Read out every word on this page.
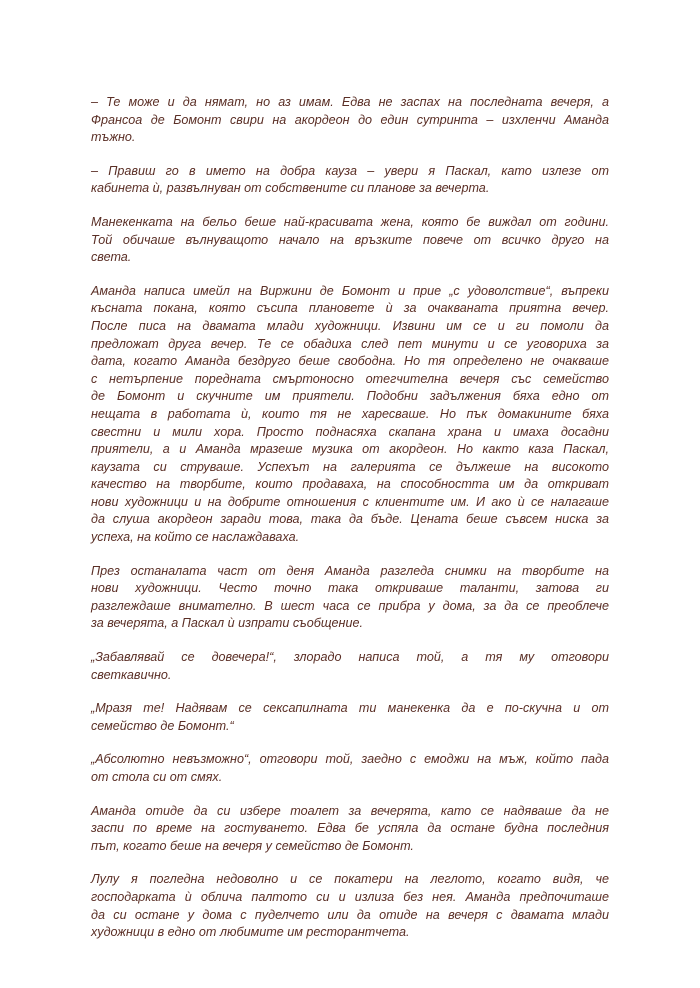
– Те може и да нямат, но аз имам. Едва не заспах на последната вечеря, а
Франсоа де Бомонт свири на акордеон до един сутринта – изхленчи Аманда
тъжно.

– Правиш го в името на добра кауза – увери я Паскал, като излезе от
кабинета ѝ, развълнуван от собствените си планове за вечерта.

Манекенката на бельо беше най-красивата жена, която бе виждал от години.
Той обичаше вълнуващото начало на връзките повече от всичко друго на
света.

Аманда написа имейл на Виржини де Бомонт и прие „с удоволствие“, въпреки
късната покана, която съсипа плановете ѝ за очакваната приятна вечер.
После писа на двамата млади художници. Извини им се и ги помоли да
предложат друга вечер. Те се обадиха след пет минути и се уговориха за
дата, когато Аманда бездруго беше свободна. Но тя определено не очакваше
с нетърпение поредната смъртоносно отегчителна вечеря със семейство
де Бомонт и скучните им приятели. Подобни задължения бяха едно от
нещата в работата ѝ, които тя не харесваше. Но пък домакините бяха
свестни и мили хора. Просто поднасяха скапана храна и имаха досадни
приятели, а и Аманда мразеше музика от акордеон. Но както каза Паскал,
каузата си струваше. Успехът на галерията се дължеше на високото
качество на творбите, които продаваха, на способността им да откриват
нови художници и на добрите отношения с клиентите им. И ако ѝ се налагаше
да слуша акордеон заради това, така да бъде. Цената беше съвсем ниска за
успеха, на който се наслаждаваха.

През останалата част от деня Аманда разгледа снимки на творбите на
нови художници. Често точно така откриваше таланти, затова ги
разглеждаше внимателно. В шест часа се прибра у дома, за да се преоблече
за вечерята, а Паскал ѝ изпрати съобщение.

„Забавлявай се довечера!“, злорадо написа той, а тя му отговори
светкавично.

„Мразя те! Надявам се сексапилната ти манекенка да е по-скучна и от
семейство де Бомонт.“

„Абсолютно невъзможно“, отговори той, заедно с емоджи на мъж, който пада
от стола си от смях.

Аманда отиде да си избере тоалет за вечерята, като се надяваше да не
заспи по време на гостуването. Едва бе успяла да остане будна последния
път, когато беше на вечеря у семейство де Бомонт.

Лулу я погледна недоволно и се покатери на леглото, когато видя, че
господарката ѝ облича палтото си и излиза без нея. Аманда предпочиташе
да си остане у дома с пуделчето или да отиде на вечеря с двамата млади
художници в едно от любимите им ресторантчета.
